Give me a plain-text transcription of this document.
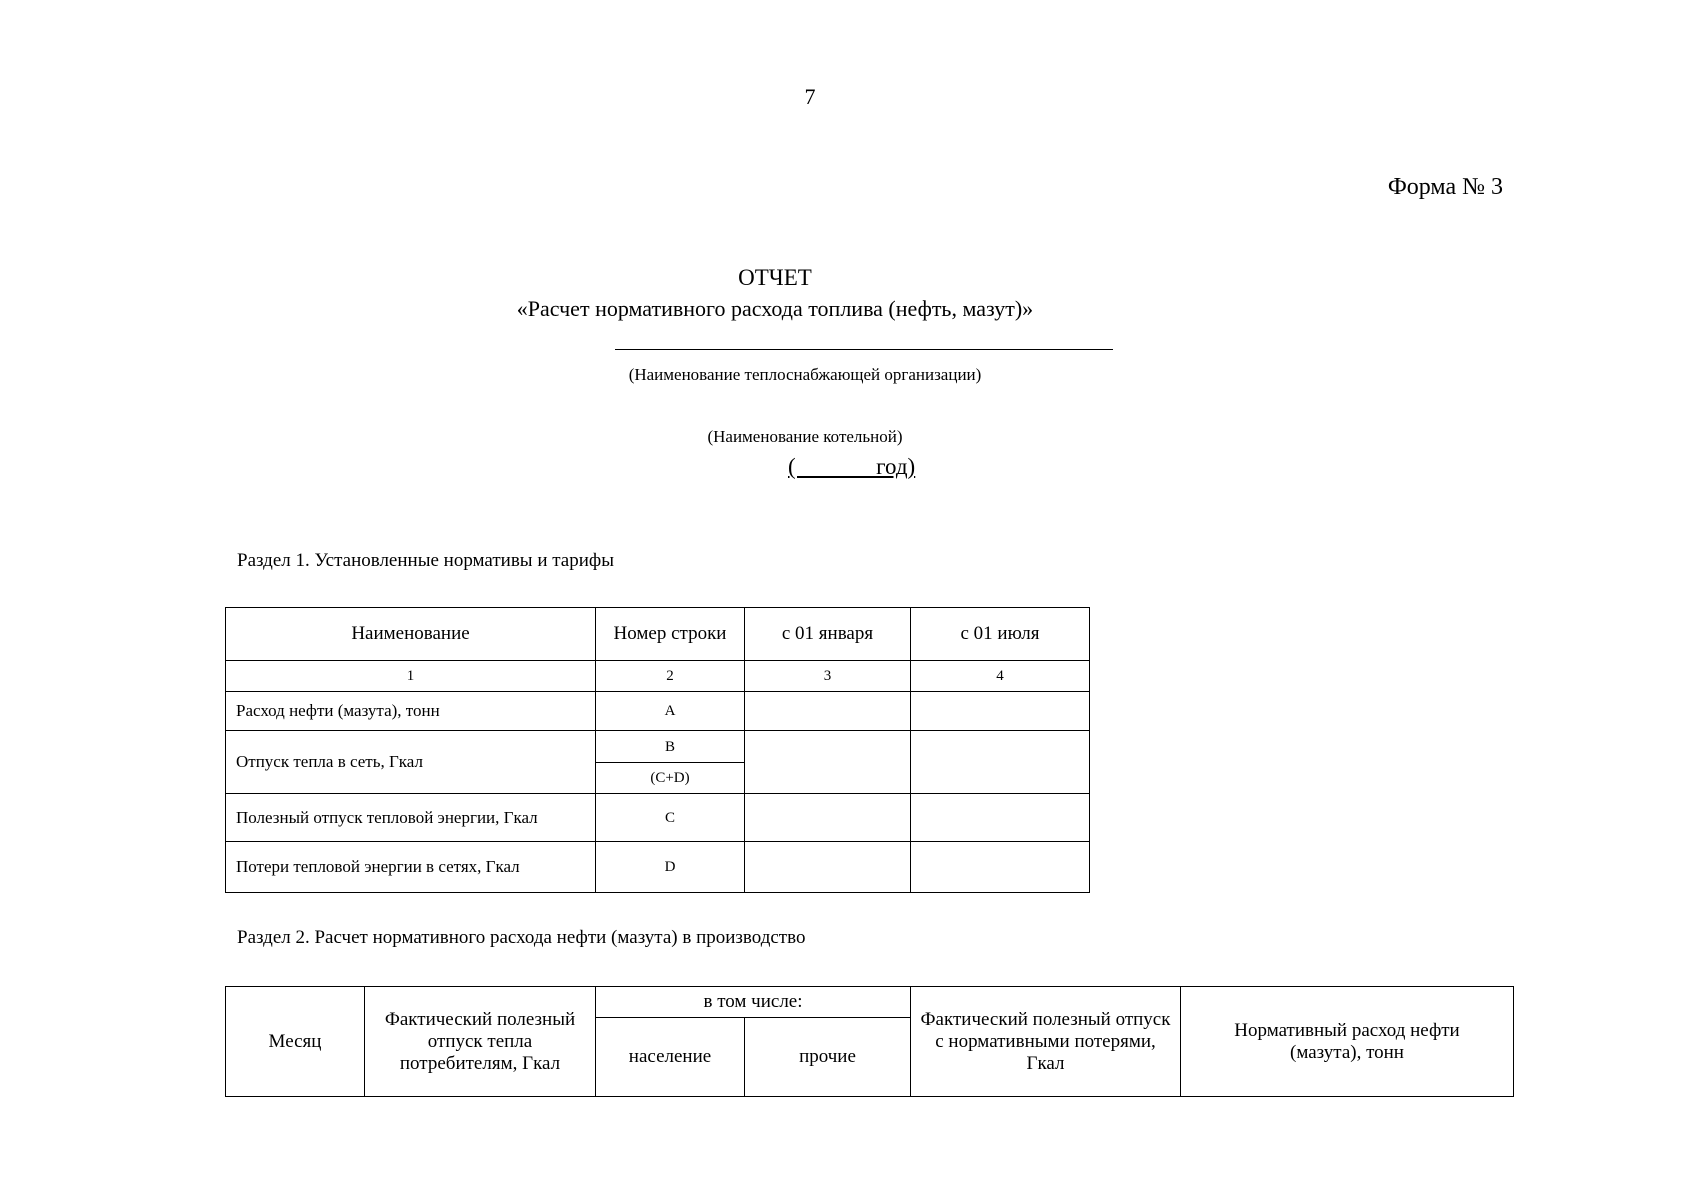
7
Форма № 3
ОТЧЕТ
«Расчет нормативного расхода топлива (нефть, мазут)»
(Наименование теплоснабжающей организации)
(Наименование котельной)
(              год)
Раздел 1. Установленные нормативы и тарифы
Наименование	Номер строки	с 01 января	с 01 июля
1	2	3	4
Расход нефти (мазута), тонн	A		
Отпуск тепла в сеть, Гкал	B		
	(C+D)		
Полезный отпуск тепловой энергии, Гкал	C		
Потери тепловой энергии в сетях, Гкал	D		
Раздел 2. Расчет нормативного расхода нефти (мазута) в производство
Месяц	Фактический полезный отпуск тепла потребителям, Гкал	в том числе:		Фактический полезный отпуск с нормативными потерями, Гкал	Нормативный расход нефти (мазута), тонн
		население	прочие		
